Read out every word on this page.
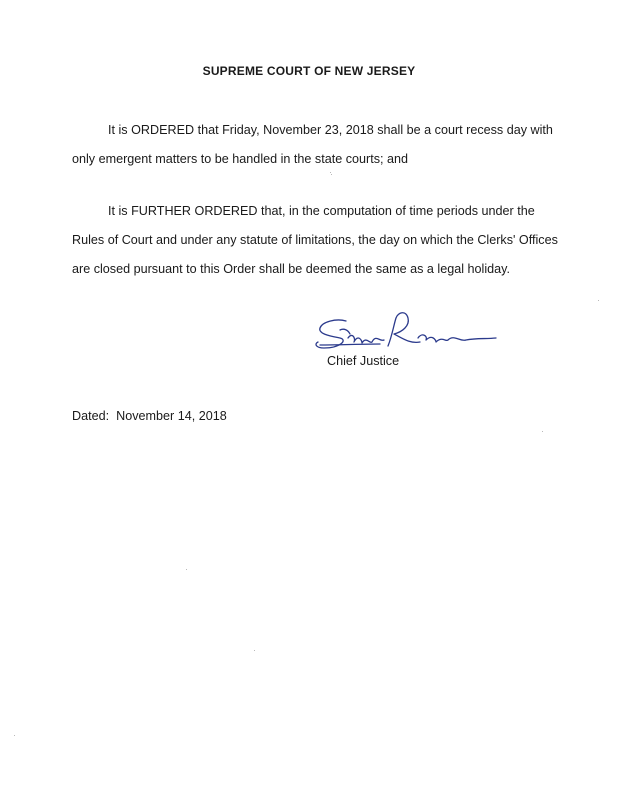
SUPREME COURT OF NEW JERSEY

It is ORDERED that Friday, November 23, 2018 shall be a court recess day with
only emergent matters to be handled in the state courts; and

It is FURTHER ORDERED that, in the computation of time periods under the
Rules of Court and under any statute of limitations, the day on which the Clerks' Offices
are closed pursuant to this Order shall be deemed the same as a legal holiday.

Chief Justice
Dated: November 14, 2018
